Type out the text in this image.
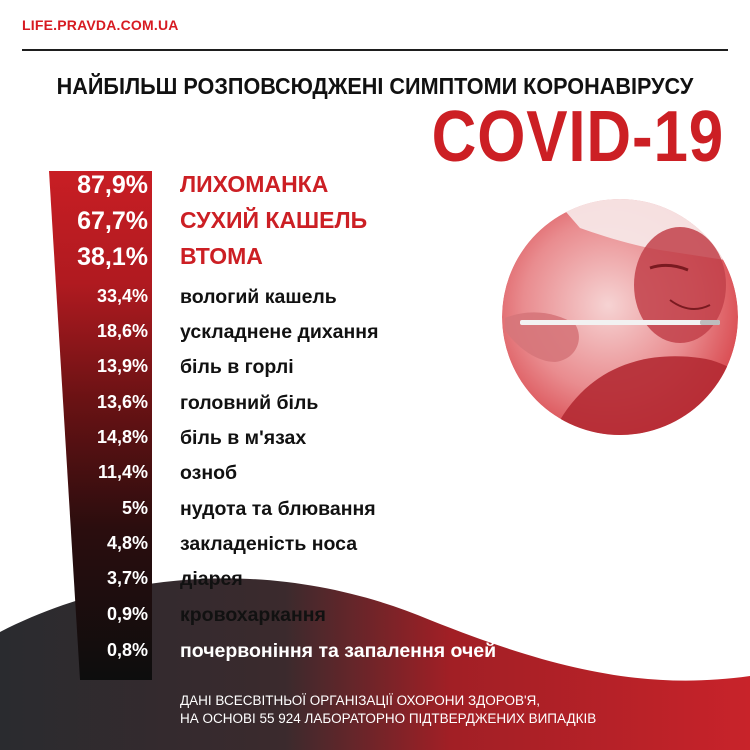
LIFE.PRAVDA.COM.UA
НАЙБІЛЬШ РОЗПОВСЮДЖЕНІ СИМПТОМИ КОРОНАВІРУСУ
COVID-19
87,9% ЛИХОМАНКА
67,7% СУХИЙ КАШЕЛЬ
38,1% ВТОМА
33,4% вологий кашель
18,6% ускладнене дихання
13,9% біль в горлі
13,6% головний біль
14,8% біль в м'язах
11,4% озноб
5% нудота та блювання
4,8% закладеність носа
3,7% діарея
0,9% кровохаркання
0,8% почервоніння та запалення очей
ДАНІ ВСЕСВІТНЬОЇ ОРГАНІЗАЦІЇ ОХОРОНИ ЗДОРОВ'Я,
НА ОСНОВІ 55 924 ЛАБОРАТОРНО ПІДТВЕРДЖЕНИХ ВИПАДКІВ
